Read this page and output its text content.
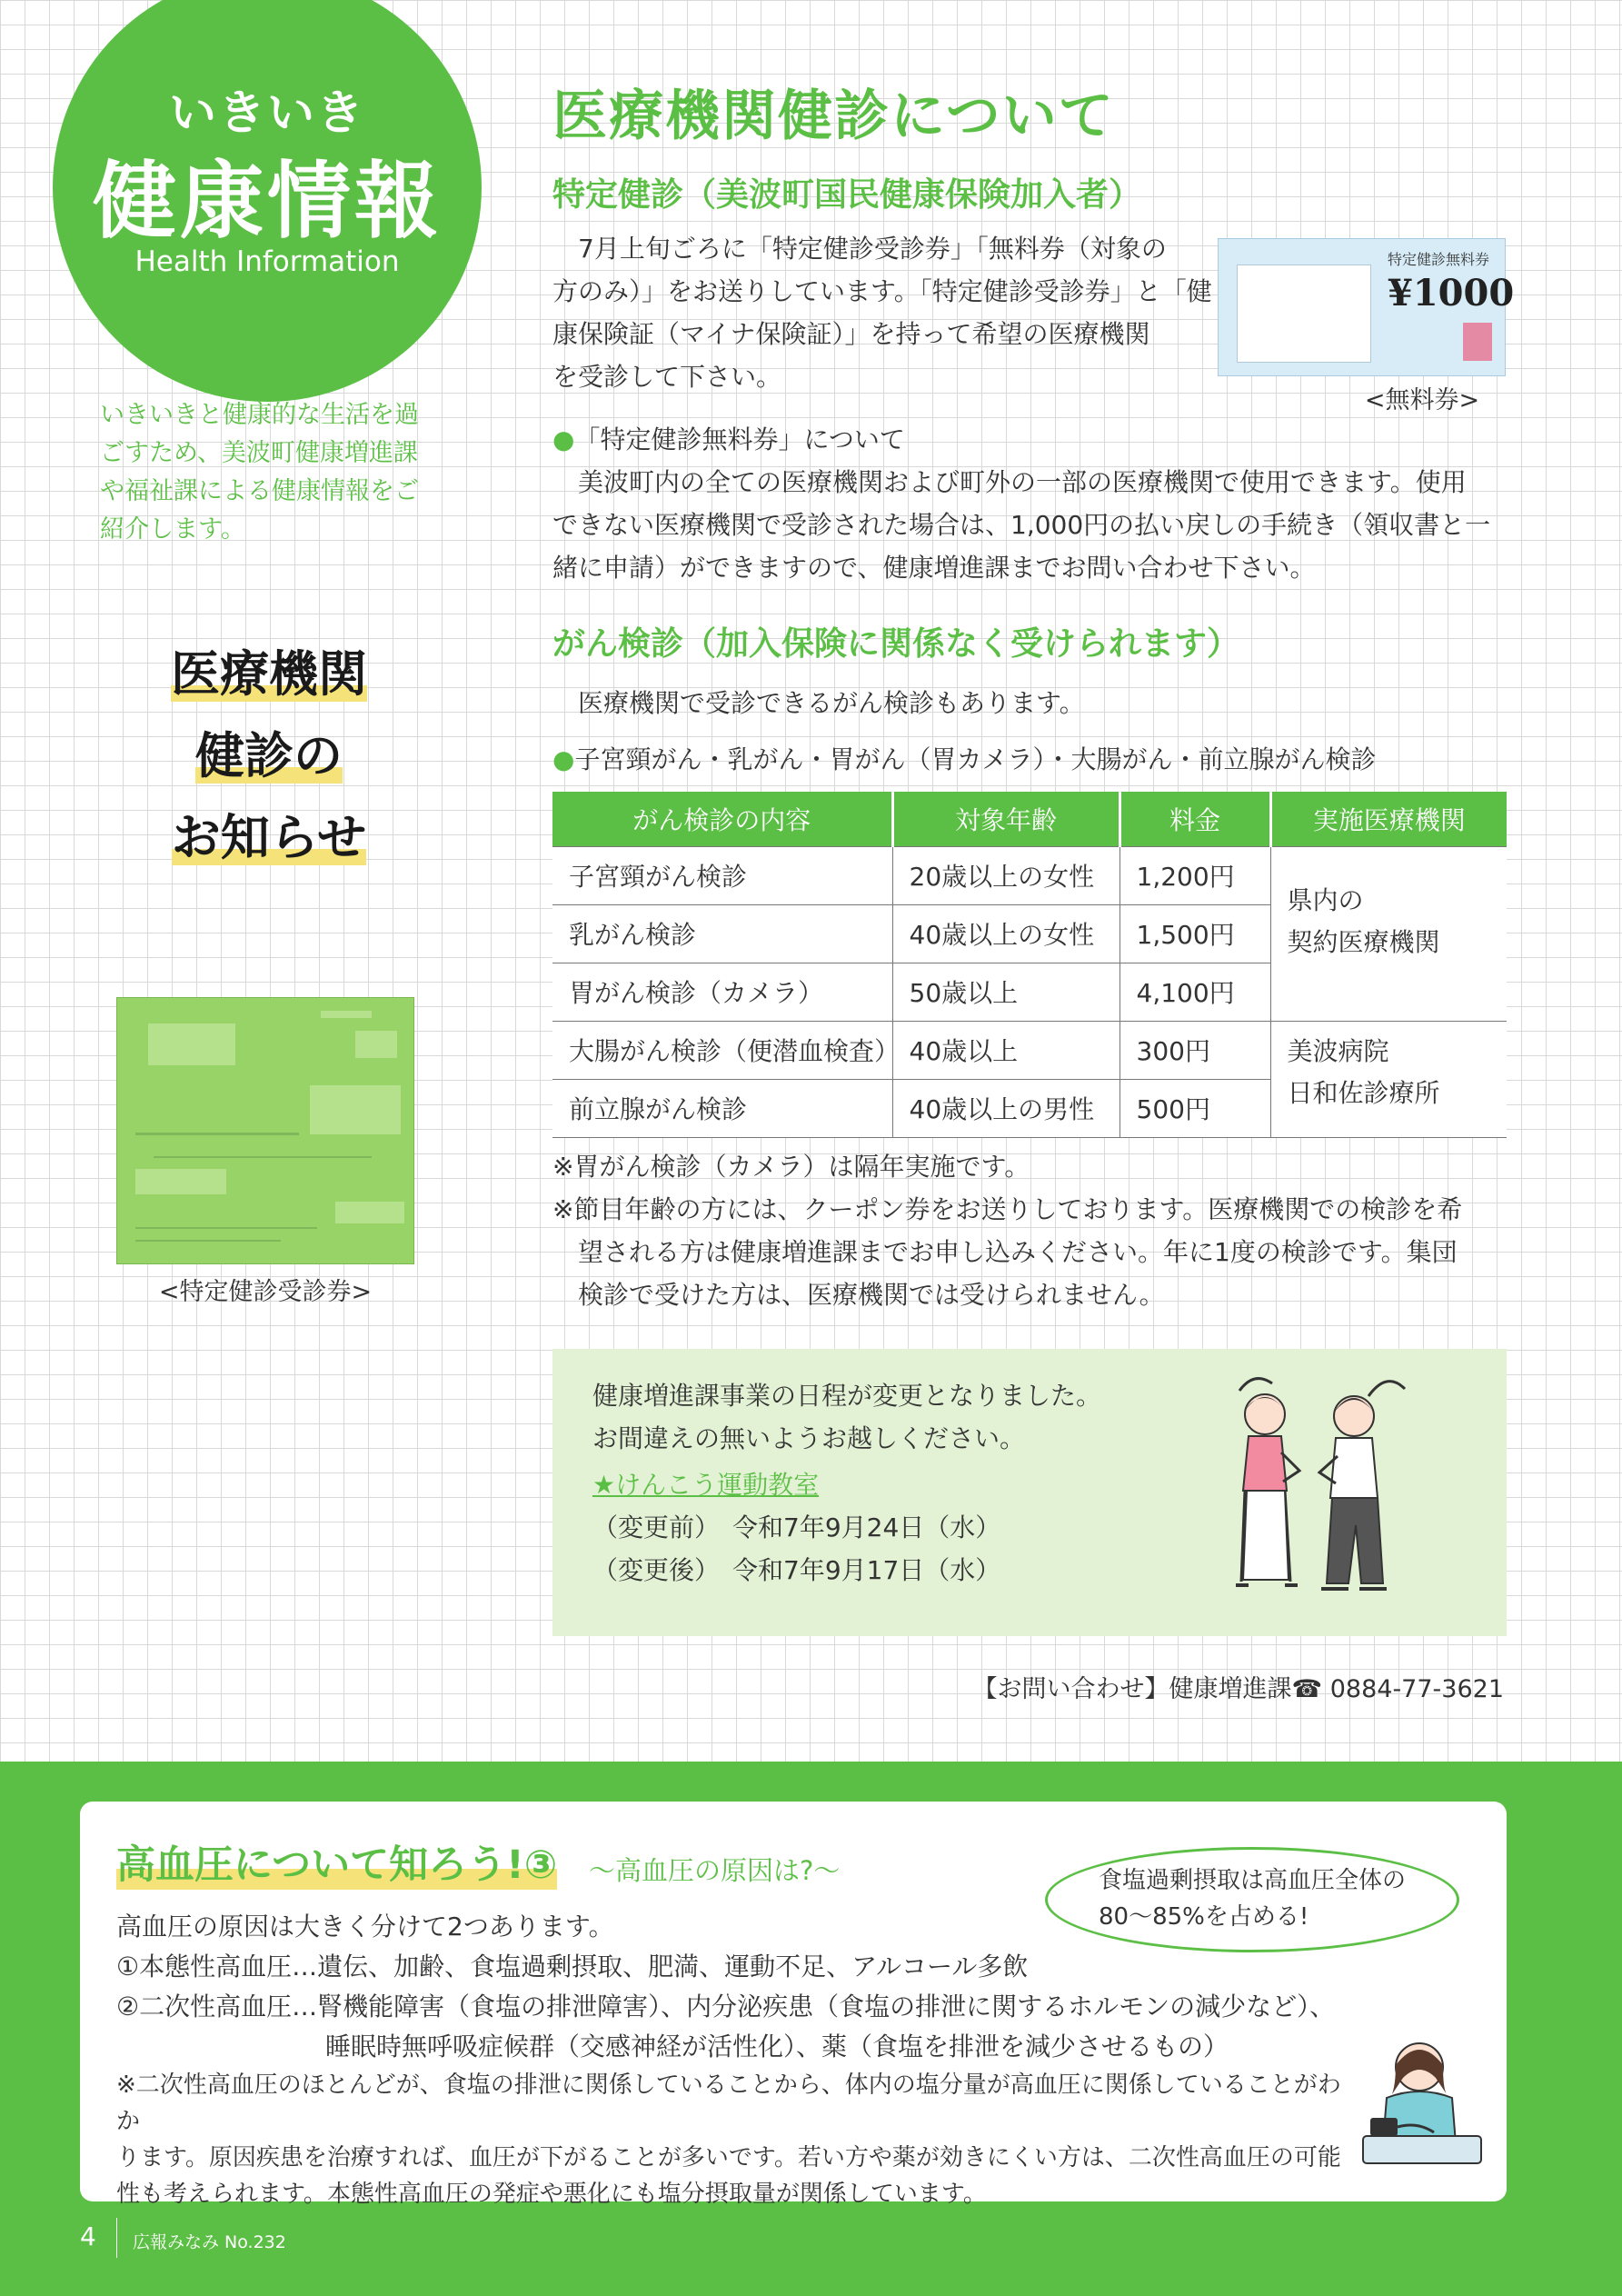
いきいき
健康情報
Health Information
いきいきと健康的な生活を過
ごすため、美波町健康増進課
や福祉課による健康情報をご
紹介します。
医療機関
健診の
お知らせ
<特定健診受診券>
医療機関健診について
特定健診（美波町国民健康保険加入者）

　7月上旬ごろに「特定健診受診券」「無料券（対象の

方のみ）」をお送りしています。「特定健診受診券」と「健

康保険証（マイナ保険証）」を持って希望の医療機関

を受診して下さい。

特定健診無料券
¥1000
<無料券>

●「特定健診無料券」について

　美波町内の全ての医療機関および町外の一部の医療機関で使用できます。使用

できない医療機関で受診された場合は、1,000円の払い戻しの手続き（領収書と一

緒に申請）ができますので、健康増進課までお問い合わせ下さい。

がん検診（加入保険に関係なく受けられます）
　医療機関で受診できるがん検診もあります。
●子宮頸がん・乳がん・胃がん（胃カメラ）・大腸がん・前立腺がん検診
がん検診の内容	対象年齢	料金	実施医療機関
子宮頸がん検診	20歳以上の女性	1,200円	県内の
契約医療機関

乳がん検診	40歳以上の女性	1,500円	
胃がん検診（カメラ）	50歳以上	4,100円	
大腸がん検診（便潜血検査）	40歳以上	300円	美波病院
日和佐診療所

前立腺がん検診	40歳以上の男性	500円	

※胃がん検診（カメラ）は隔年実施です。

※節目年齢の方には、クーポン券をお送りしております。医療機関での検診を希

　望される方は健康増進課までお申し込みください。年に1度の検診です。集団

　検診で受けた方は、医療機関では受けられません。

健康増進課事業の日程が変更となりました。
お間違えの無いようお越しください。
★けんこう運動教室
（変更前）　 令和7年9月24日（水）
（変更後）　 令和7年9月17日（水）
【お問い合わせ】健康増進課☎ 0884-77-3621
高血圧について知ろう!③ ～高血圧の原因は?～	食塩過剰摂取は高血圧全体の
80～85%を占める!
高血圧の原因は大きく分けて2つあります。
①本態性高血圧…遺伝、加齢、食塩過剰摂取、肥満、運動不足、アルコール多飲
②二次性高血圧…腎機能障害（食塩の排泄障害）、内分泌疾患（食塩の排泄に関するホルモンの減少など）、
睡眠時無呼吸症候群（交感神経が活性化）、薬（食塩を排泄を減少させるもの）
※二次性高血圧のほとんどが、食塩の排泄に関係していることから、体内の塩分量が高血圧に関係していることがわか
ります。原因疾患を治療すれば、血圧が下がることが多いです。若い方や薬が効きにくい方は、二次性高血圧の可能
性も考えられます。本態性高血圧の発症や悪化にも塩分摂取量が関係しています。
4 広報みなみ No.232
